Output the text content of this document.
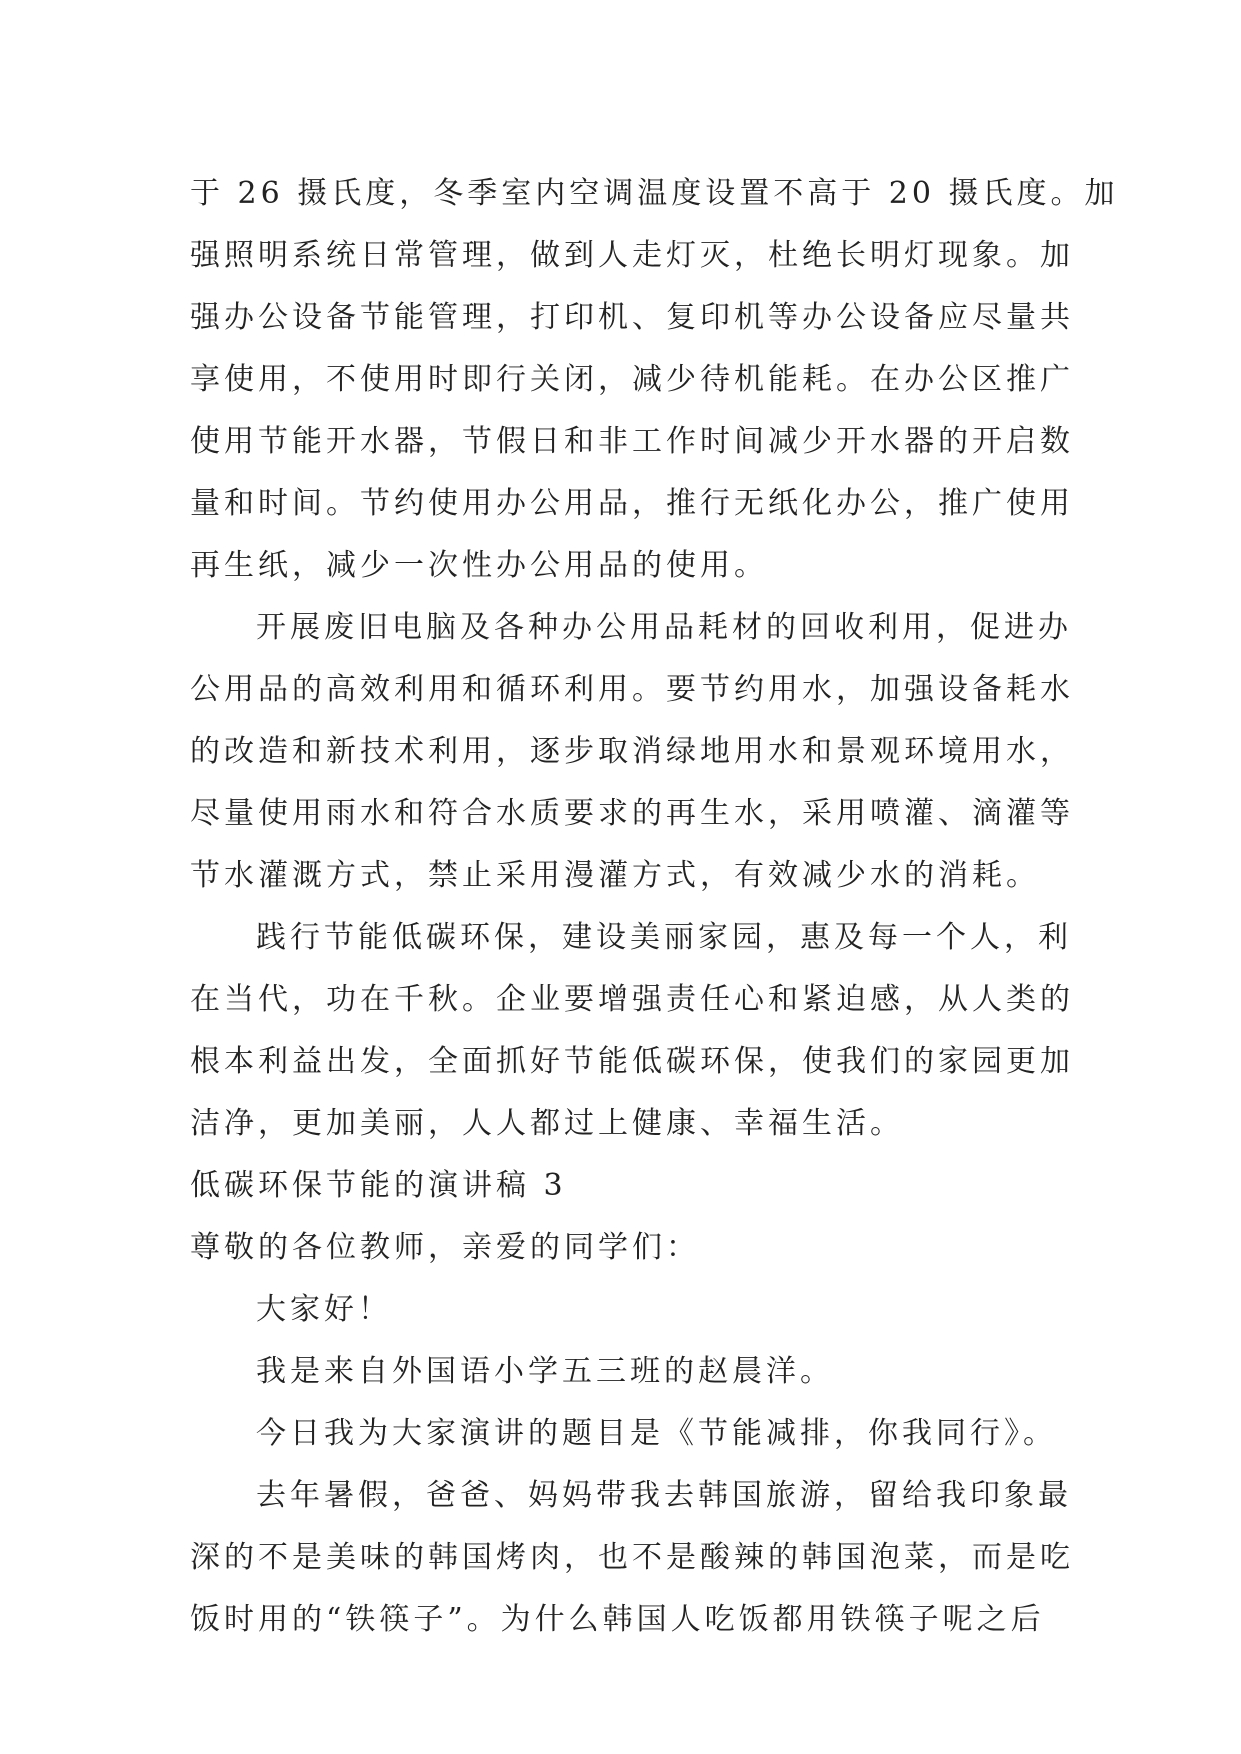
于 26 摄氏度，冬季室内空调温度设置不高于 20 摄氏度。加
强照明系统日常管理，做到人走灯灭，杜绝长明灯现象。加
强办公设备节能管理，打印机、复印机等办公设备应尽量共
享使用，不使用时即行关闭，减少待机能耗。在办公区推广
使用节能开水器，节假日和非工作时间减少开水器的开启数
量和时间。节约使用办公用品，推行无纸化办公，推广使用
再生纸，减少一次性办公用品的使用。
开展废旧电脑及各种办公用品耗材的回收利用，促进办
公用品的高效利用和循环利用。要节约用水，加强设备耗水
的改造和新技术利用，逐步取消绿地用水和景观环境用水，
尽量使用雨水和符合水质要求的再生水，采用喷灌、滴灌等
节水灌溉方式，禁止采用漫灌方式，有效减少水的消耗。
践行节能低碳环保，建设美丽家园，惠及每一个人，利
在当代，功在千秋。企业要增强责任心和紧迫感，从人类的
根本利益出发，全面抓好节能低碳环保，使我们的家园更加
洁净，更加美丽，人人都过上健康、幸福生活。
低碳环保节能的演讲稿 3
尊敬的各位教师，亲爱的同学们：
大家好！
我是来自外国语小学五三班的赵晨洋。
今日我为大家演讲的题目是《节能减排，你我同行》。
去年暑假，爸爸、妈妈带我去韩国旅游，留给我印象最
深的不是美味的韩国烤肉，也不是酸辣的韩国泡菜，而是吃
饭时用的“铁筷子”。为什么韩国人吃饭都用铁筷子呢之后
